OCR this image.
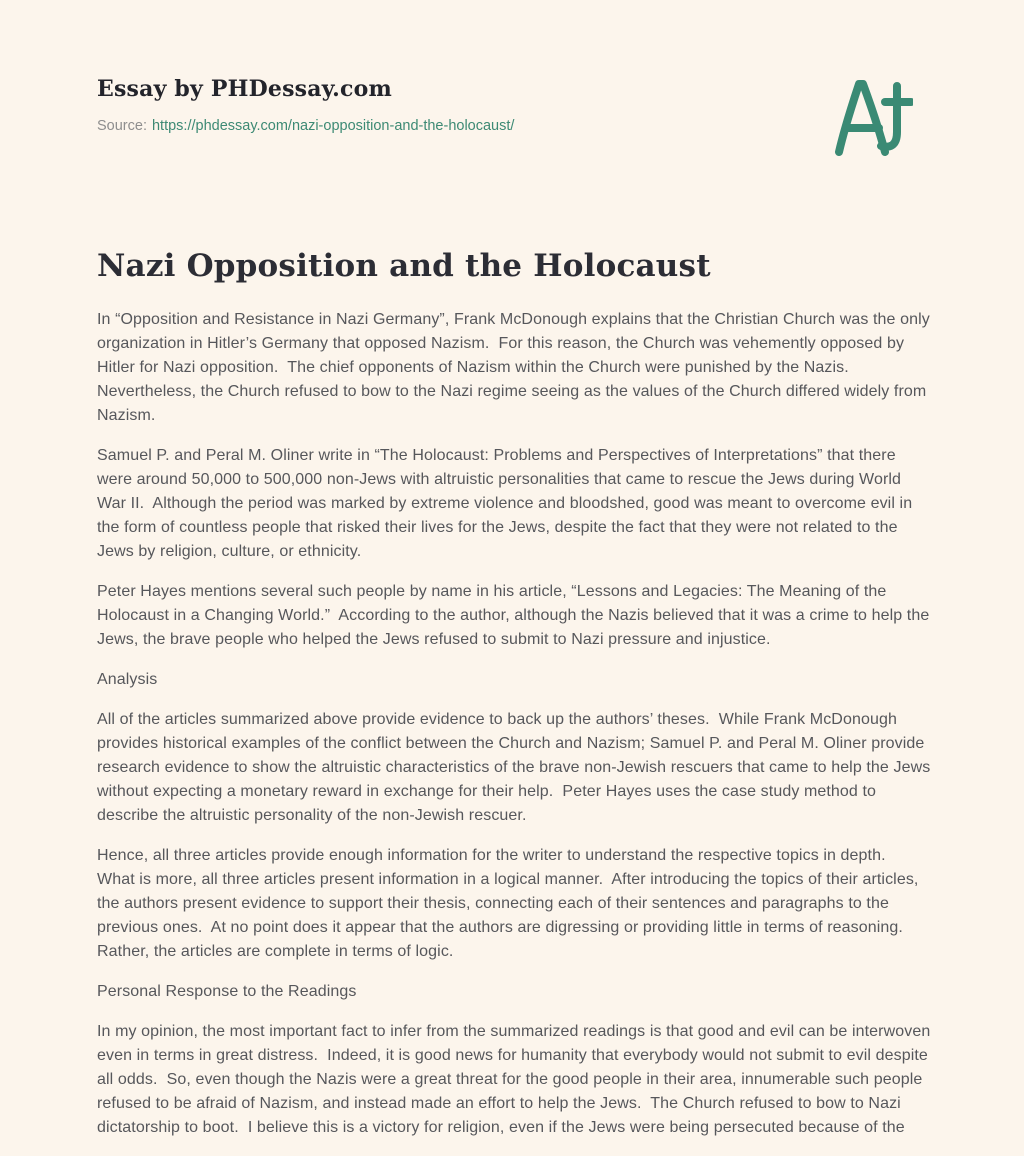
Essay by PHDessay.com
Source: https://phdessay.com/nazi-opposition-and-the-holocaust/
Nazi Opposition and the Holocaust

In “Opposition and Resistance in Nazi Germany”, Frank McDonough explains that the Christian Church was the only organization in Hitler’s Germany that opposed Nazism.  For this reason, the Church was vehemently opposed by Hitler for Nazi opposition.  The chief opponents of Nazism within the Church were punished by the Nazis.  Nevertheless, the Church refused to bow to the Nazi regime seeing as the values of the Church differed widely from Nazism.

Samuel P. and Peral M. Oliner write in “The Holocaust: Problems and Perspectives of Interpretations” that there were around 50,000 to 500,000 non-Jews with altruistic personalities that came to rescue the Jews during World War II.  Although the period was marked by extreme violence and bloodshed, good was meant to overcome evil in the form of countless people that risked their lives for the Jews, despite the fact that they were not related to the Jews by religion, culture, or ethnicity.

Peter Hayes mentions several such people by name in his article, “Lessons and Legacies: The Meaning of the Holocaust in a Changing World.”  According to the author, although the Nazis believed that it was a crime to help the Jews, the brave people who helped the Jews refused to submit to Nazi pressure and injustice.

Analysis

All of the articles summarized above provide evidence to back up the authors’ theses.  While Frank McDonough provides historical examples of the conflict between the Church and Nazism; Samuel P. and Peral M. Oliner provide research evidence to show the altruistic characteristics of the brave non-Jewish rescuers that came to help the Jews without expecting a monetary reward in exchange for their help.  Peter Hayes uses the case study method to describe the altruistic personality of the non-Jewish rescuer.

Hence, all three articles provide enough information for the writer to understand the respective topics in depth.  What is more, all three articles present information in a logical manner.  After introducing the topics of their articles, the authors present evidence to support their thesis, connecting each of their sentences and paragraphs to the previous ones.  At no point does it appear that the authors are digressing or providing little in terms of reasoning.  Rather, the articles are complete in terms of logic.

Personal Response to the Readings

In my opinion, the most important fact to infer from the summarized readings is that good and evil can be interwoven even in terms in great distress.  Indeed, it is good news for humanity that everybody would not submit to evil despite all odds.  So, even though the Nazis were a great threat for the good people in their area, innumerable such people refused to be afraid of Nazism, and instead made an effort to help the Jews.  The Church refused to bow to Nazi dictatorship to boot.  I believe this is a victory for religion, even if the Jews were being persecuted because of the
